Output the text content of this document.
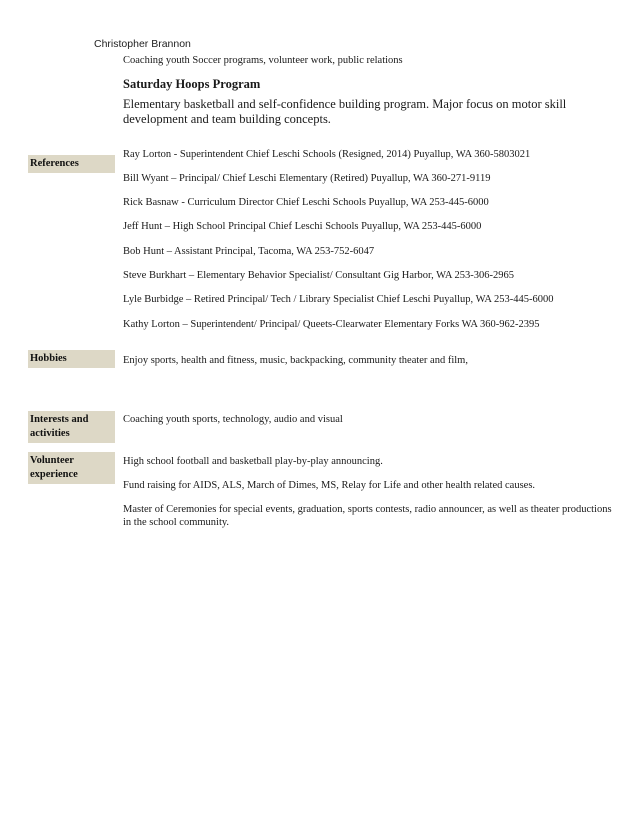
Christopher Brannon
Coaching youth Soccer programs, volunteer work, public relations
Saturday Hoops Program
Elementary basketball and self-confidence building program. Major focus on motor skill development and team building concepts.
References
Ray Lorton - Superintendent Chief Leschi Schools (Resigned, 2014) Puyallup, WA 360-5803021
Bill Wyant – Principal/ Chief Leschi Elementary (Retired) Puyallup, WA 360-271-9119
Rick Basnaw - Curriculum Director Chief Leschi Schools Puyallup, WA 253-445-6000
Jeff Hunt – High School Principal Chief Leschi Schools Puyallup, WA 253-445-6000
Bob Hunt – Assistant Principal, Tacoma, WA 253-752-6047
Steve Burkhart – Elementary Behavior Specialist/ Consultant Gig Harbor, WA 253-306-2965
Lyle Burbidge – Retired Principal/ Tech / Library Specialist Chief Leschi Puyallup, WA 253-445-6000
Kathy Lorton – Superintendent/ Principal/ Queets-Clearwater Elementary Forks WA 360-962-2395
Hobbies	Enjoy sports, health and fitness, music, backpacking, community theater and film,
Interests and activities
Coaching youth sports, technology, audio and visual
Volunteer experience
High school football and basketball play-by-play announcing.
Fund raising for AIDS, ALS, March of Dimes, MS, Relay for Life and other health related causes.
Master of Ceremonies for special events, graduation, sports contests, radio announcer, as well as theater productions in the school community.
